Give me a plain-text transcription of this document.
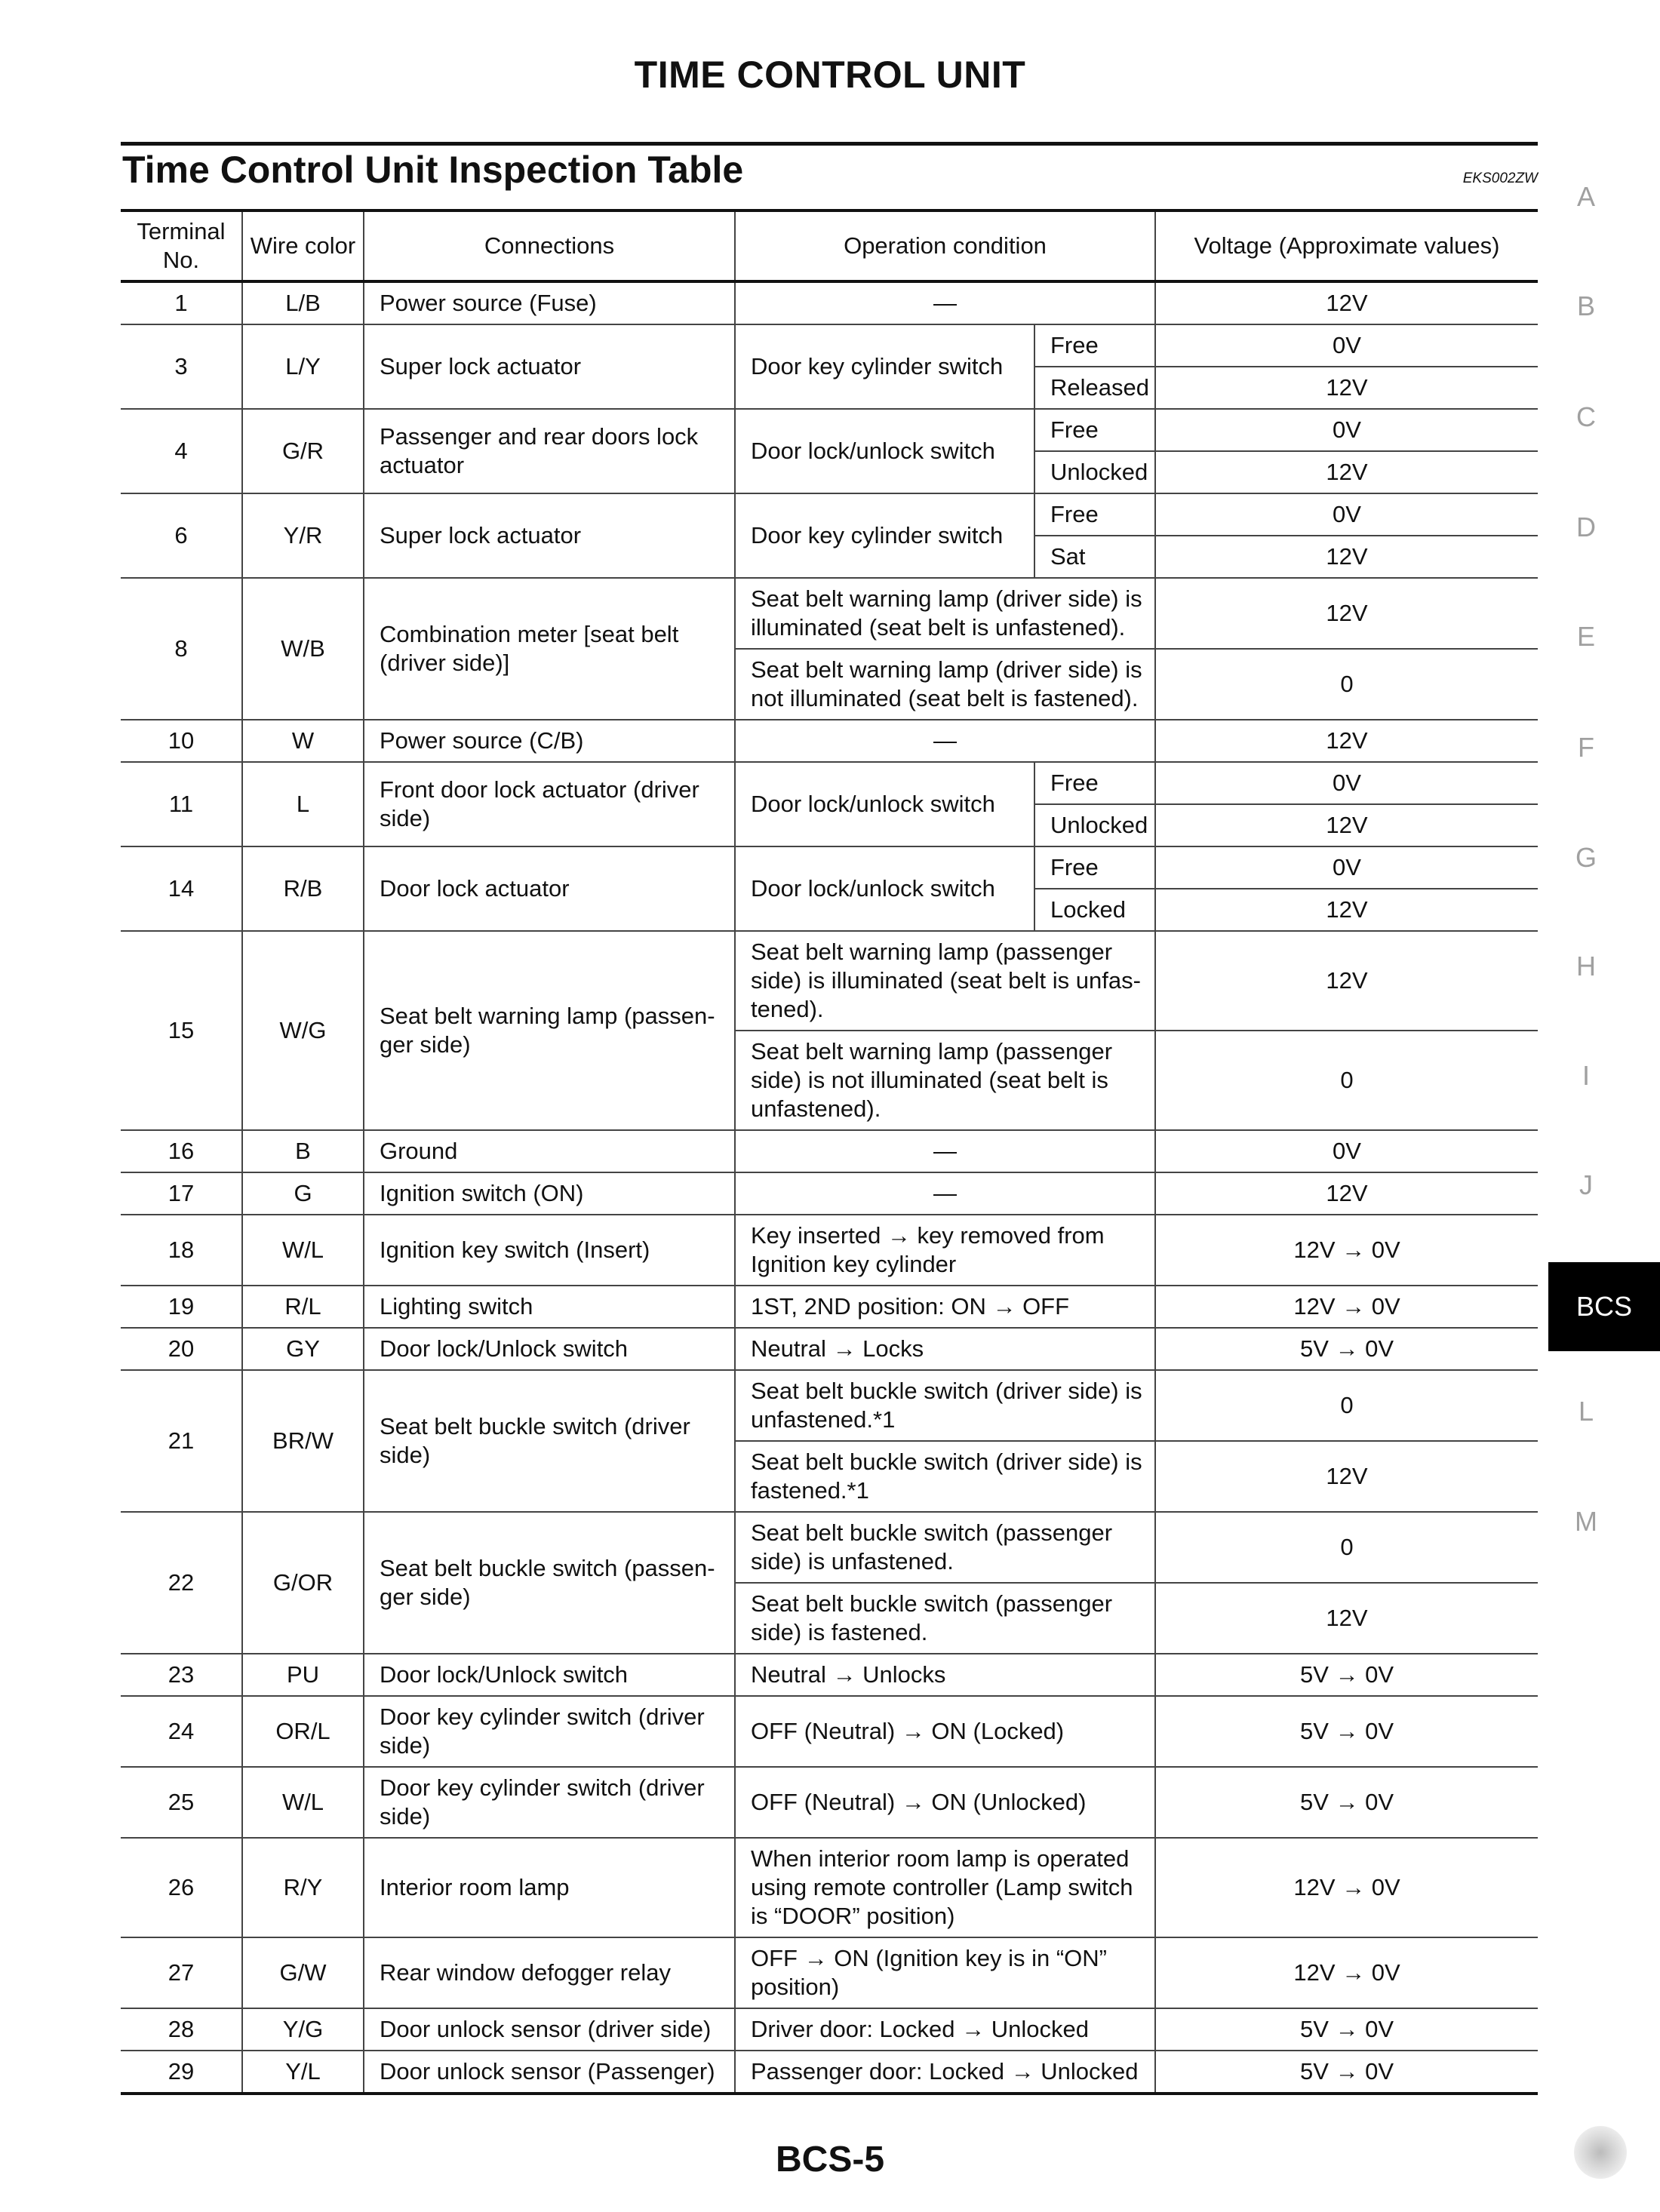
TIME CONTROL UNIT
Time Control Unit Inspection Table	EKS002ZW
Terminal No.	Wire color	Connections	Operation condition		Voltage (Approximate values)
1	L/B	Power source (Fuse)	—		12V
3	L/Y	Super lock actuator	Door key cylinder switch	Free	0V
				Released	12V
4	G/R	Passenger and rear doors lock actuator	Door lock/unlock switch	Free	0V
				Unlocked	12V
6	Y/R	Super lock actuator	Door key cylinder switch	Free	0V
				Sat	12V
8	W/B	Combination meter [seat belt (driver side)]	Seat belt warning lamp (driver side) is illuminated (seat belt is unfastened).		12V
			Seat belt warning lamp (driver side) is not illuminated (seat belt is fastened).		0
10	W	Power source (C/B)	—		12V
11	L	Front door lock actuator (driver side)	Door lock/unlock switch	Free	0V
				Unlocked	12V
14	R/B	Door lock actuator	Door lock/unlock switch	Free	0V
				Locked	12V
15	W/G	Seat belt warning lamp (passen-ger side)	Seat belt warning lamp (passenger side) is illuminated (seat belt is unfas-tened).		12V
			Seat belt warning lamp (passenger side) is not illuminated (seat belt is unfastened).		0
16	B	Ground	—		0V
17	G	Ignition switch (ON)	—		12V
18	W/L	Ignition key switch (Insert)	Key inserted → key removed from Ignition key cylinder		12V → 0V
19	R/L	Lighting switch	1ST, 2ND position: ON → OFF		12V → 0V
20	GY	Door lock/Unlock switch	Neutral → Locks		5V → 0V
21	BR/W	Seat belt buckle switch (driver side)	Seat belt buckle switch (driver side) is unfastened.*1		0
			Seat belt buckle switch (driver side) is fastened.*1		12V
22	G/OR	Seat belt buckle switch (passen-ger side)	Seat belt buckle switch (passenger side) is unfastened.		0
			Seat belt buckle switch (passenger side) is fastened.		12V
23	PU	Door lock/Unlock switch	Neutral → Unlocks		5V → 0V
24	OR/L	Door key cylinder switch (driver side)	OFF (Neutral) → ON (Locked)		5V → 0V
25	W/L	Door key cylinder switch (driver side)	OFF (Neutral) → ON (Unlocked)		5V → 0V
26	R/Y	Interior room lamp	When interior room lamp is operated using remote controller (Lamp switch is “DOOR” position)		12V → 0V
27	G/W	Rear window defogger relay	OFF → ON (Ignition key is in “ON” position)		12V → 0V
28	Y/G	Door unlock sensor (driver side)	Driver door: Locked → Unlocked		5V → 0V
29	Y/L	Door unlock sensor (Passenger)	Passenger door: Locked → Unlocked		5V → 0V
A
B
C
D
E
F
G
H
I
J
BCS
L
M
BCS-5
